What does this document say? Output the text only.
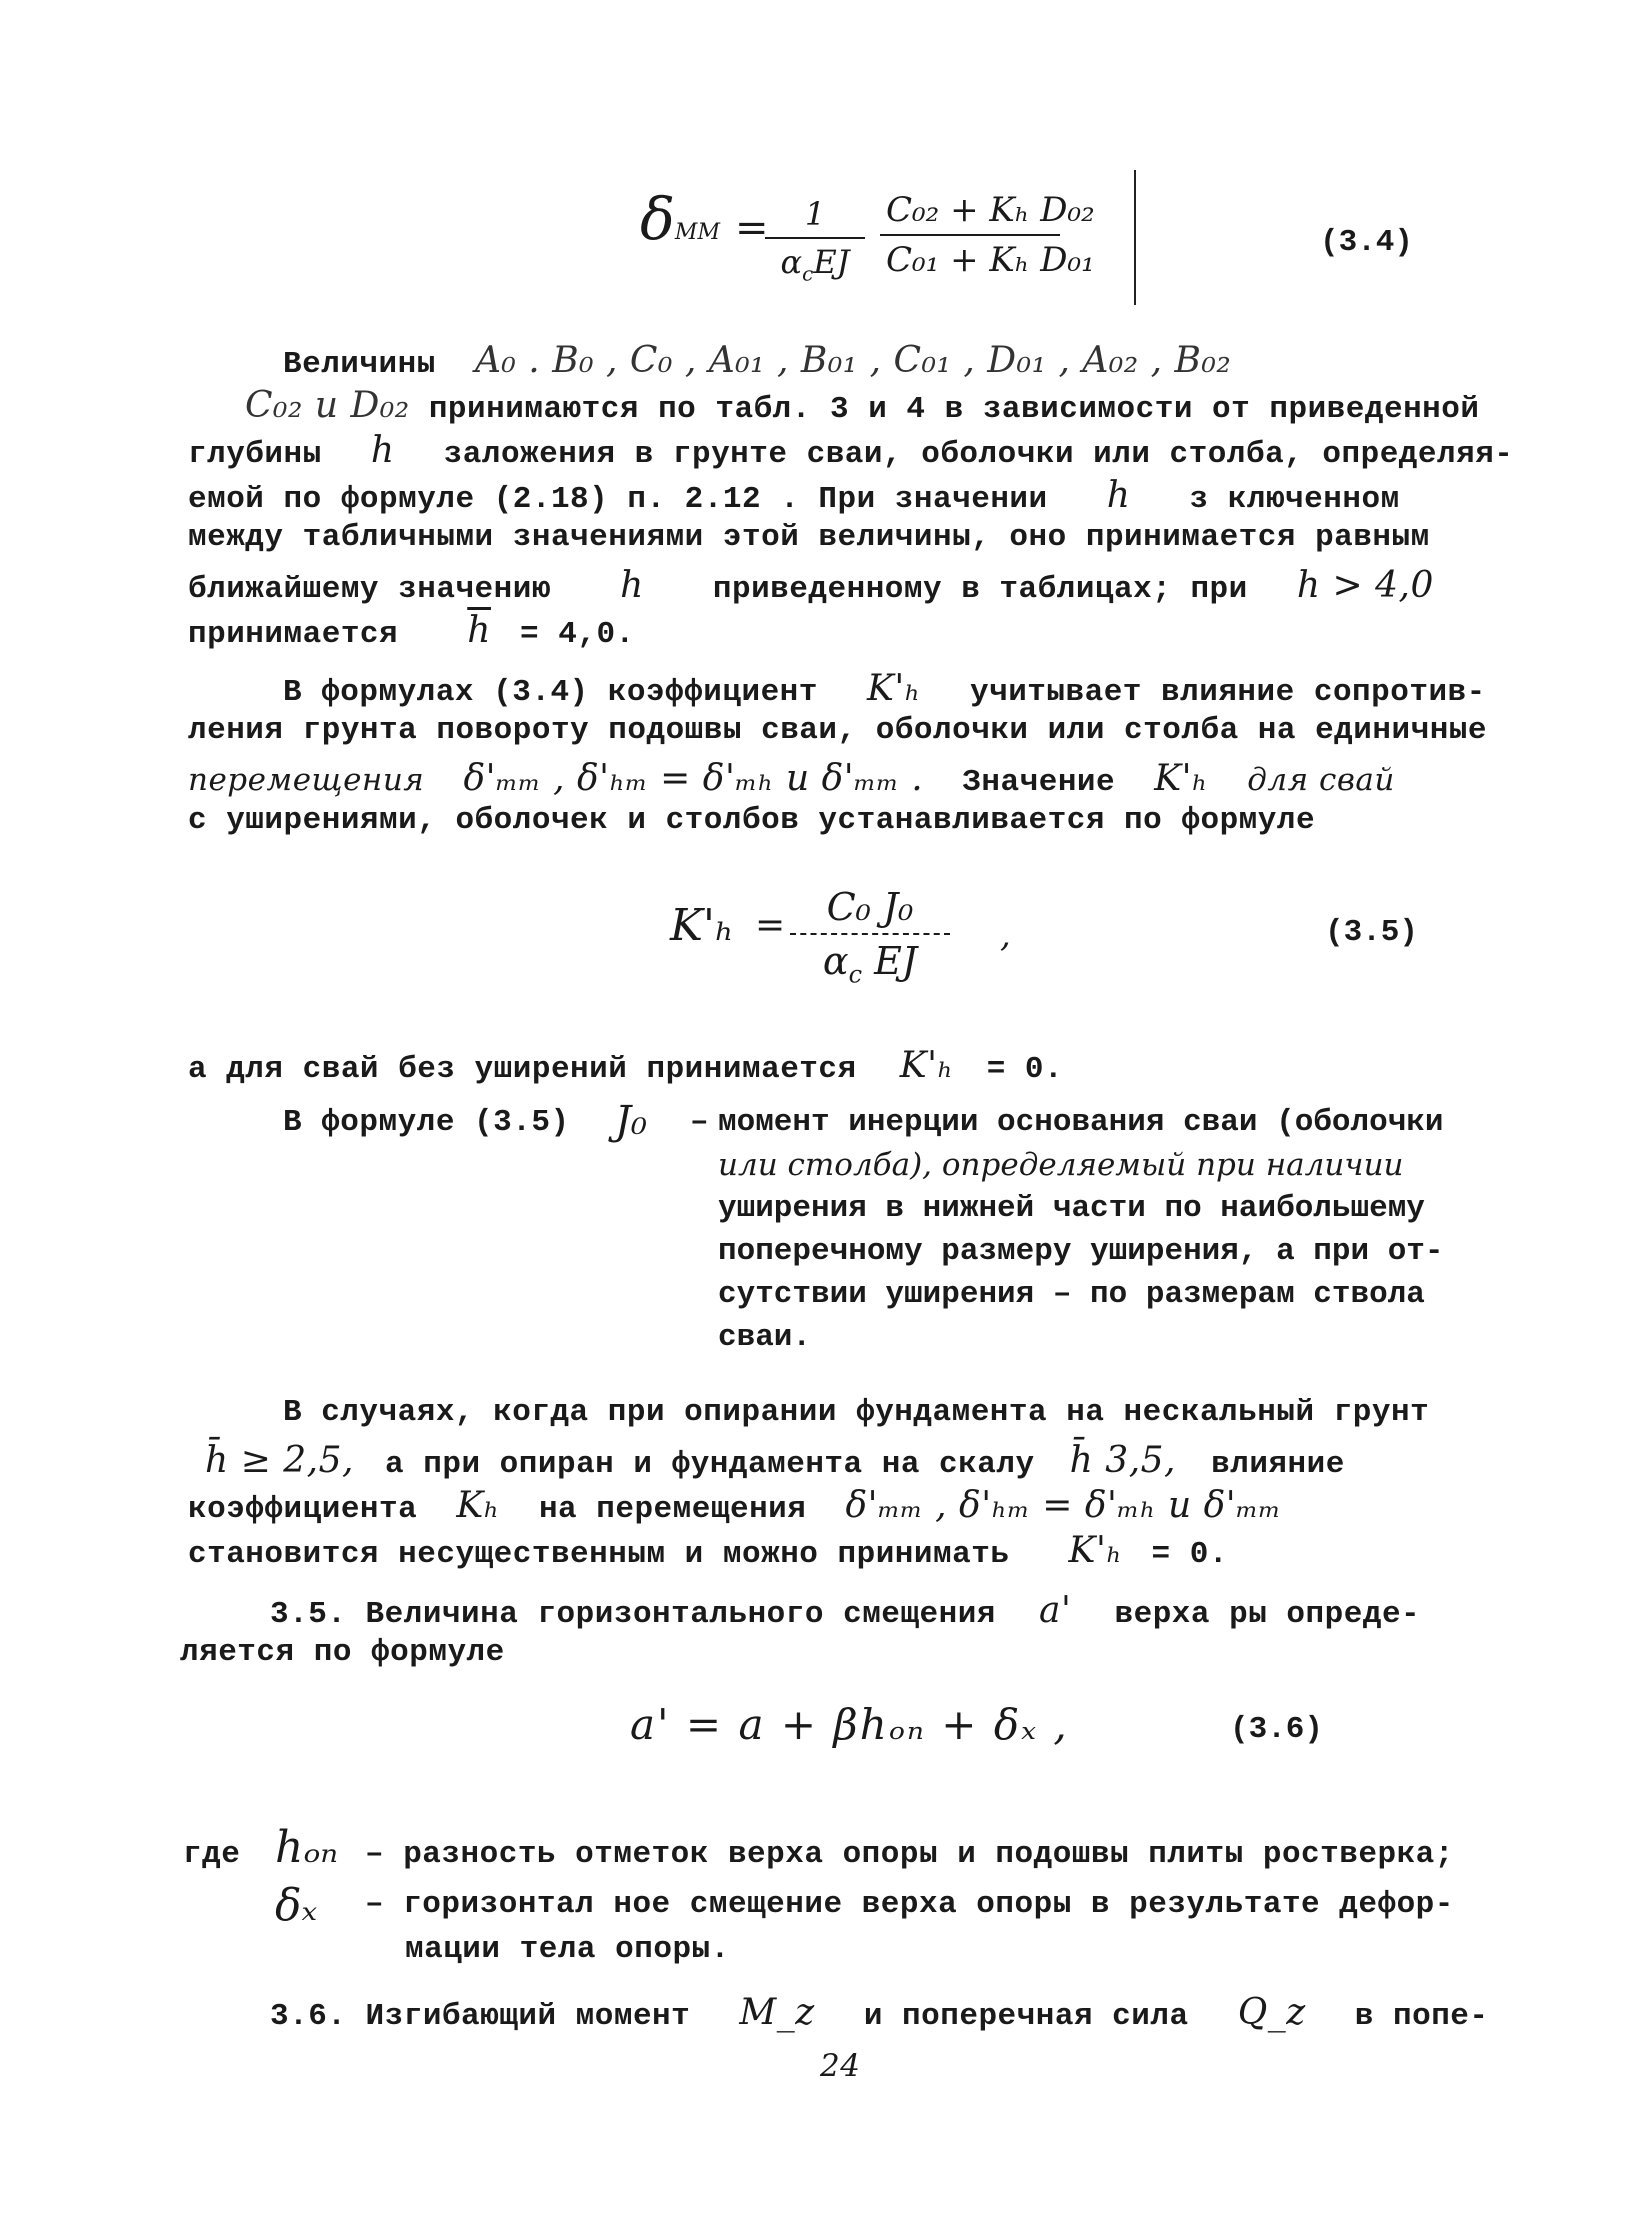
δMM =	1
$\alpha_cEJ \frac{\text{C₀₂ + Kₕ D₀₂}}{\text{C₀₁ + Kₕ D₀₁}}$	(3.4)
Величины A₀ . B₀ , C₀ , A₀₁ , B₀₁ , C₀₁ , D₀₁ , A₀₂ , B₀₂
C₀₂ и D₀₂ принимаются по табл. 3 и 4 в зависимости от приведенной
глубины h заложения в грунте сваи, оболочки или столба, определяя-
емой по формуле (2.18) п. 2.12 . При значении h з ключенном
между табличными значениями этой величины, оно принимается равным
ближайшему значению h приведенному в таблицах; при h > 4,0
принимается $\overline{h} = 4,0$.
В формулах (3.4) коэффициент K'ₕ учитывает влияние сопротив-
ления грунта повороту подошвы сваи, оболочки или столба на единичные
перемещения δ'ₘₘ , δ'ₕₘ = δ'ₘₕ и δ'ₘₘ . Значение K'ₕ для свай
с уширениями, оболочек и столбов устанавливается по формуле
$K'_h = \frac{\text{C₀ J₀}}{\alpha_c EJ}$ ,	(3.5)
а для свай без уширений принимается K'ₕ = 0.
В формуле (3.5) J₀ – момент инерции основания сваи (оболочки
или столба), определяемый при наличии
уширения в нижней части по наибольшему
поперечному размеру уширения, а при от-
сутствии уширения – по размерам ствола
сваи.
В случаях, когда при опирании фундамента на нескальный грунт
h̄ ≥ 2,5, а при опиран и фундамента на скалу h̄ 3,5, влияние
коэффициента Kₕ на перемещения δ'ₘₘ , δ'ₕₘ = δ'ₘₕ и δ'ₘₘ
становится несущественным и можно принимать K'ₕ = 0.
3.5. Величина горизонтального смещения a' верха ры опреде-
ляется по формуле
a' = a + βhₒₙ + δₓ ,	(3.6)
где hₒₙ – разность отметок верха опоры и подошвы плиты ростверка;
δₓ – горизонтал ное смещение верха опоры в результате дефор-
мации тела опоры.
3.6. Изгибающий момент M_z и поперечная сила Q_z в попе-
24
